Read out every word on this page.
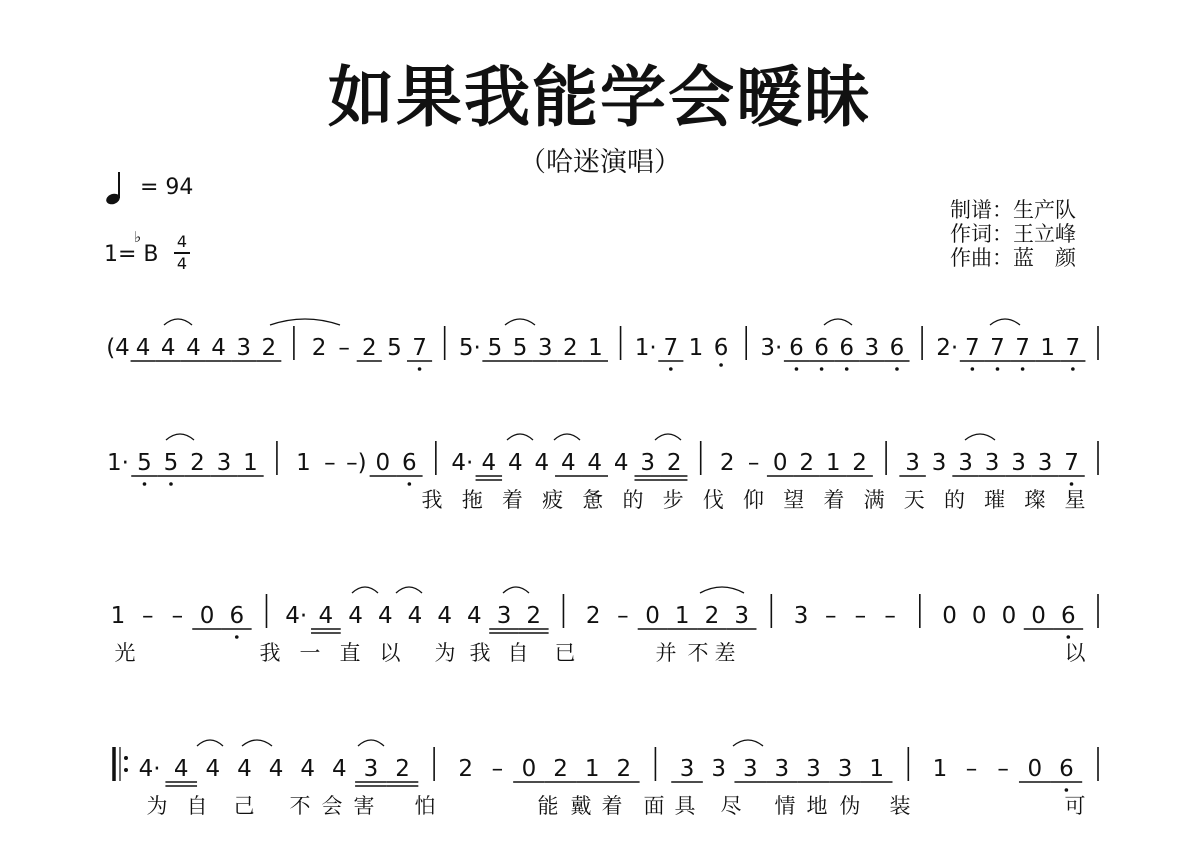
如果我能学会暧昧
（哈迷演唱）
= 94
1= B
♭ 4
4
制谱：生产队
作词：王立峰
作曲：蓝　颜
(4 4 4 4 4 3 2 2 – 2 5 7 5· 5 5 3 2 1 1· 7 1 6 3· 6 6 6 3 6 2· 7 7 7 1 7
1· 5 5 2 3 1 1 – –) 0 6 4· 4 4 4 4 4 4 3 2 2 – 0 2 1 2 3 3 3 3 3 3 7
我 拖 着 疲 惫 的 步 伐 仰 望 着 满 天 的 璀 璨 星
1 – – 0 6 4· 4 4 4 4 4 4 3 2 2 – 0 1 2 3 3 – – – 0 0 0 0 6
光	我 一 直 以 为 我 自 已	并 不 差	以
4· 4 4 4 4 4 4 3 2 2 – 0 2 1 2 3 3 3 3 3 3 1 1 – – 0 6
为 自 己 不 会 害 怕	能 戴 着 面 具 尽 情 地 伪 装	可
